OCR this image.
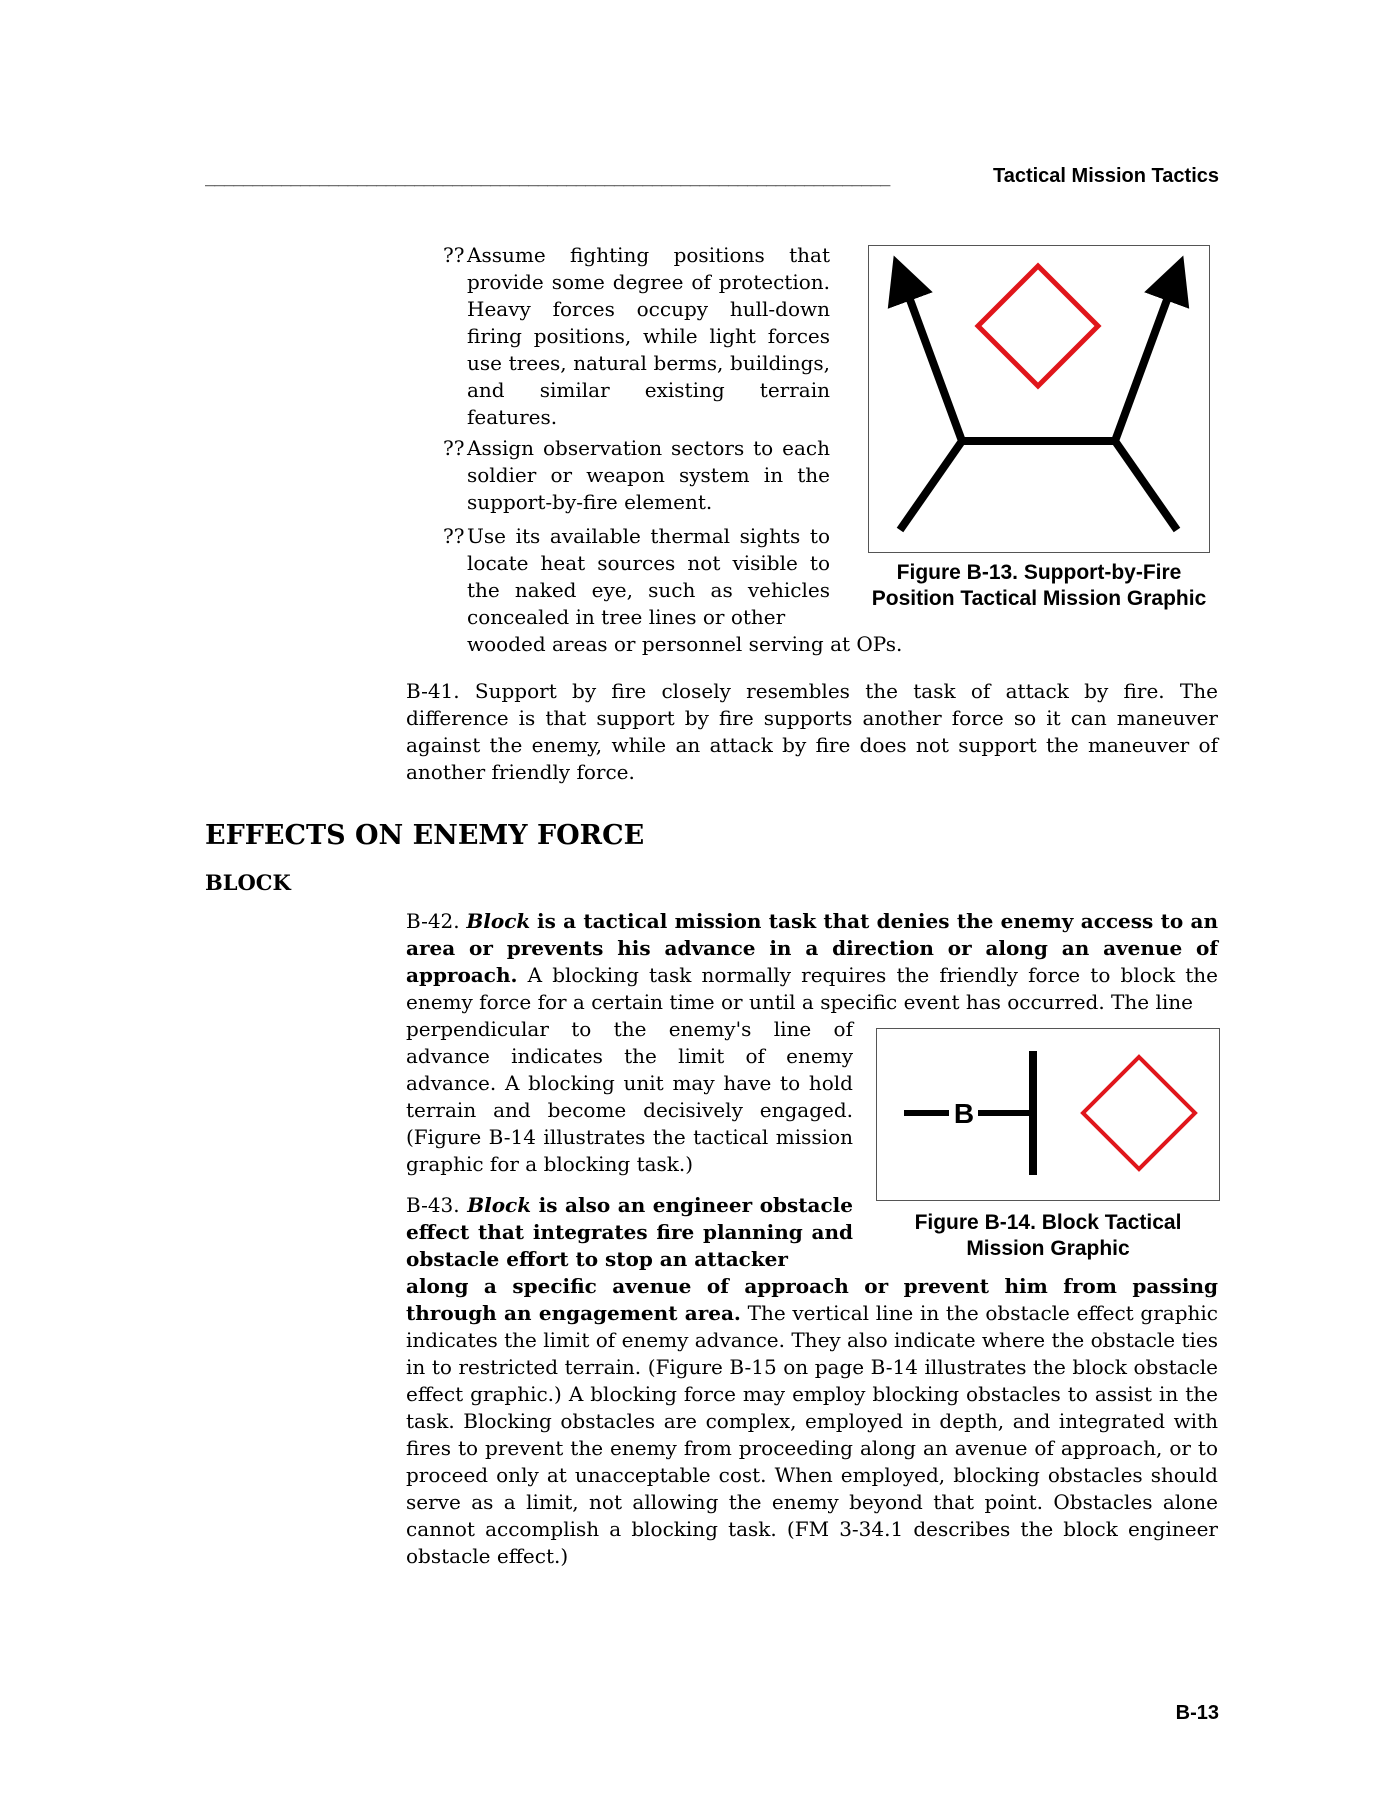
________________________________________________________________________	Tactical Mission Tactics
?? Assume fighting positions that provide some degree of protection. Heavy forces occupy hull-down firing positions, while light forces use trees, natural berms, buildings, and similar existing terrain features.
?? Assign observation sectors to each soldier or weapon system in the support-by-fire element.
?? Use its available thermal sights to locate heat sources not visible to the naked eye, such as vehicles concealed in tree lines or other
wooded areas or personnel serving at OPs.
Figure B-13. Support-by-Fire
Position Tactical Mission Graphic
B-41. Support by fire closely resembles the task of attack by fire. The difference is that support by fire supports another force so it can maneuver against the enemy, while an attack by fire does not support the maneuver of another friendly force.
EFFECTS ON ENEMY FORCE
BLOCK
B-42. Block is a tactical mission task that denies the enemy access to an area or prevents his advance in a direction or along an avenue of approach. A blocking task normally requires the friendly force to block the enemy force for a certain time or until a specific event has occurred. The line
perpendicular to the enemy's line of advance indicates the limit of enemy advance. A blocking unit may have to hold terrain and become decisively engaged. (Figure B-14 illustrates the tactical mission graphic for a blocking task.)
B
Figure B-14. Block Tactical
Mission Graphic
B-43. Block is also an engineer obstacle effect that integrates fire planning and obstacle effort to stop an attacker
along a specific avenue of approach or prevent him from passing through an engagement area. The vertical line in the obstacle effect graphic indicates the limit of enemy advance. They also indicate where the obstacle ties in to restricted terrain. (Figure B-15 on page B-14 illustrates the block obstacle effect graphic.) A blocking force may employ blocking obstacles to assist in the task. Blocking obstacles are complex, employed in depth, and integrated with fires to prevent the enemy from proceeding along an avenue of approach, or to proceed only at unacceptable cost. When employed, blocking obstacles should serve as a limit, not allowing the enemy beyond that point. Obstacles alone cannot accomplish a blocking task. (FM 3-34.1 describes the block engineer obstacle effect.)
B-13
